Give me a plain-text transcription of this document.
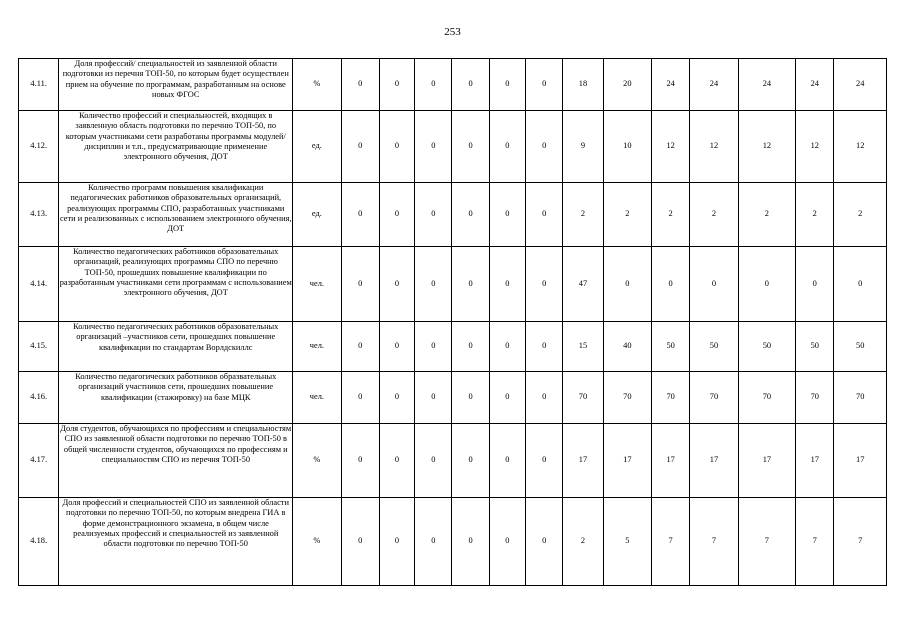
253
4.11.	Доля профессий/ специальностей из заявленной области подготовки из перечня ТОП-50, по которым будет осуществлен прием на обучение по программам, разработанным на основе новых ФГОС	%	0	0	0	0	0	0	18	20	24	24	24	24	24
4.12.	Количество профессий и специальностей, входящих в заявленную область подготовки по перечню ТОП-50, по которым участниками сети разработаны программы модулей/ дисциплин и т.п., предусматривающие применение электронного обучения, ДОТ	ед.	0	0	0	0	0	0	9	10	12	12	12	12	12
4.13.	Количество программ повышения квалификации педагогических работников образовательных организаций, реализующих программы СПО, разработанных участниками сети и реализованных с использованием электронного обучения, ДОТ	ед.	0	0	0	0	0	0	2	2	2	2	2	2	2
4.14.	Количество педагогических работников образовательных организаций, реализующих программы СПО по перечню ТОП-50, прошедших повышение квалификации по разработанным участниками сети программам с использованием электронного обучения, ДОТ	чел.	0	0	0	0	0	0	47	0	0	0	0	0	0
4.15.	Количество педагогических работников образовательных организаций –участников сети, прошедших повышение квалификации по стандартам Ворлдскиллс	чел.	0	0	0	0	0	0	15	40	50	50	50	50	50
4.16.	Количество педагогических работников образвательных организаций участников сети, прошедших повышение квалификации (стажировку) на базе МЦК	чел.	0	0	0	0	0	0	70	70	70	70	70	70	70
4.17.	Доля студентов, обучающихся по профессиям и специальностям СПО из заявленной области подготовки по перечню ТОП-50 в общей численности студентов, обучающихся по профессиям и специальностям СПО из перечня ТОП-50	%	0	0	0	0	0	0	17	17	17	17	17	17	17
4.18.	Доля профессий и специальностей СПО из заявленной области подготовки по перечню ТОП-50, по которым внедрена ГИА в форме демонстрационного экзамена, в общем числе реализуемых профессий и специальностей из заявленной области подготовки по перечню ТОП-50	%	0	0	0	0	0	0	2	5	7	7	7	7	7
